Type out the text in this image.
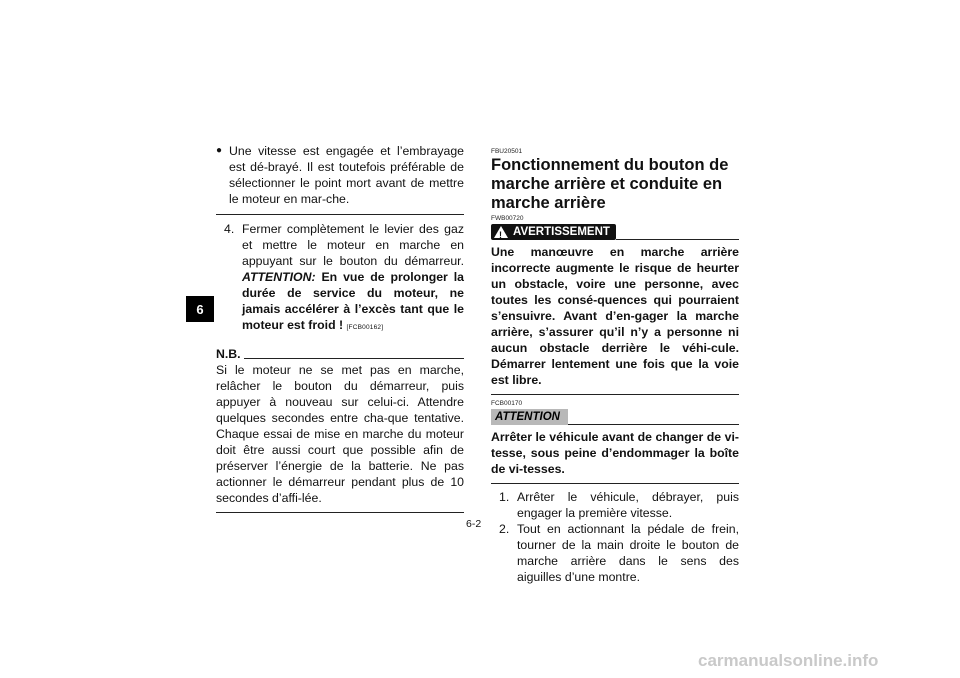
6
● Une vitesse est engagée et l’embrayage est dé-brayé. Il est toutefois préférable de sélectionner le point mort avant de mettre le moteur en mar-che.
4. Fermer complètement le levier des gaz et mettre le moteur en marche en appuyant sur le bouton du démarreur. ATTENTION: En vue de prolonger la durée de service du moteur, ne jamais accélérer à l’excès tant que le moteur est froid ! [FCB00162]
N.B.
Si le moteur ne se met pas en marche, relâcher le bouton du démarreur, puis appuyer à nouveau sur celui-ci. Attendre quelques secondes entre cha-que tentative. Chaque essai de mise en marche du moteur doit être aussi court que possible afin de préserver l’énergie de la batterie. Ne pas actionner le démarreur pendant plus de 10 secondes d’affi-lée.
FBU20501
Fonctionnement du bouton de marche arrière et conduite en marche arrière
FWB00720
!
AVERTISSEMENT
Une manœuvre en marche arrière incorrecte augmente le risque de heurter un obstacle, voire une personne, avec toutes les consé-quences qui pourraient s’ensuivre. Avant d’en-gager la marche arrière, s’assurer qu’il n’y a personne ni aucun obstacle derrière le véhi-cule. Démarrer lentement une fois que la voie est libre.
FCB00170
ATTENTION
Arrêter le véhicule avant de changer de vi-tesse, sous peine d’endommager la boîte de vi-tesses.
1. Arrêter le véhicule, débrayer, puis engager la première vitesse.
2. Tout en actionnant la pédale de frein, tourner de la main droite le bouton de marche arrière dans le sens des aiguilles d’une montre.
6-2
carmanualsonline.info
